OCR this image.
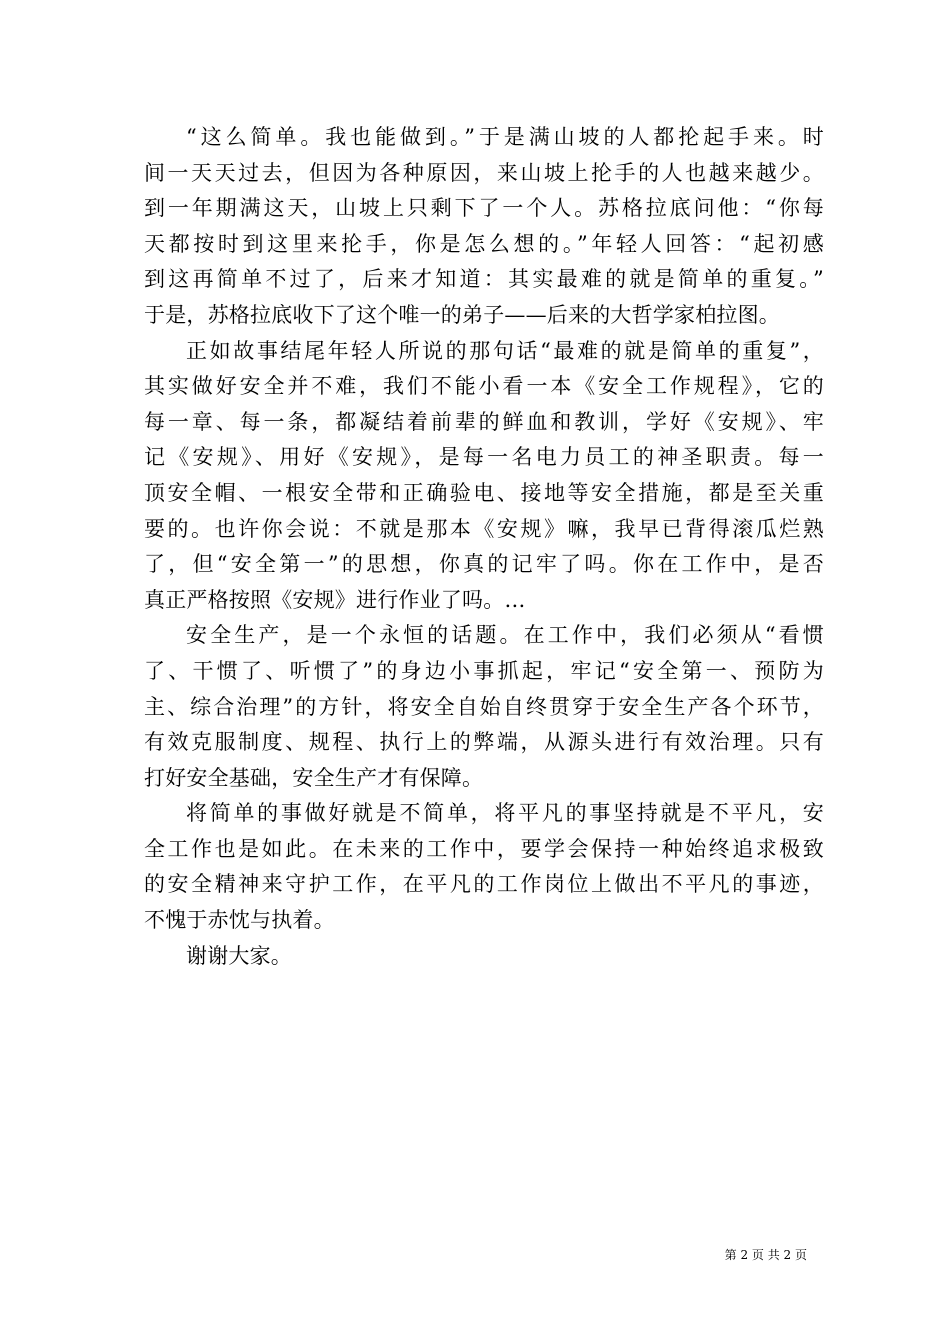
“这么简单。我也能做到。”于是满山坡的人都抡起手来。时
间一天天过去，但因为各种原因，来山坡上抡手的人也越来越少。
到一年期满这天，山坡上只剩下了一个人。苏格拉底问他：“你每
天都按时到这里来抡手，你是怎么想的。”年轻人回答：“起初感
到这再简单不过了，后来才知道：其实最难的就是简单的重复。”
于是，苏格拉底收下了这个唯一的弟子——后来的大哲学家柏拉图。
正如故事结尾年轻人所说的那句话“最难的就是简单的重复”，
其实做好安全并不难，我们不能小看一本《安全工作规程》，它的
每一章、每一条，都凝结着前辈的鲜血和教训，学好《安规》、牢
记《安规》、用好《安规》，是每一名电力员工的神圣职责。每一
顶安全帽、一根安全带和正确验电、接地等安全措施，都是至关重
要的。也许你会说：不就是那本《安规》嘛，我早已背得滚瓜烂熟
了，但“安全第一”的思想，你真的记牢了吗。你在工作中，是否
真正严格按照《安规》进行作业了吗。…
安全生产，是一个永恒的话题。在工作中，我们必须从“看惯
了、干惯了、听惯了”的身边小事抓起，牢记“安全第一、预防为
主、综合治理”的方针，将安全自始自终贯穿于安全生产各个环节，
有效克服制度、规程、执行上的弊端，从源头进行有效治理。只有
打好安全基础，安全生产才有保障。
将简单的事做好就是不简单，将平凡的事坚持就是不平凡，安
全工作也是如此。在未来的工作中，要学会保持一种始终追求极致
的安全精神来守护工作，在平凡的工作岗位上做出不平凡的事迹，
不愧于赤忱与执着。
谢谢大家。
第 2 页 共 2 页
